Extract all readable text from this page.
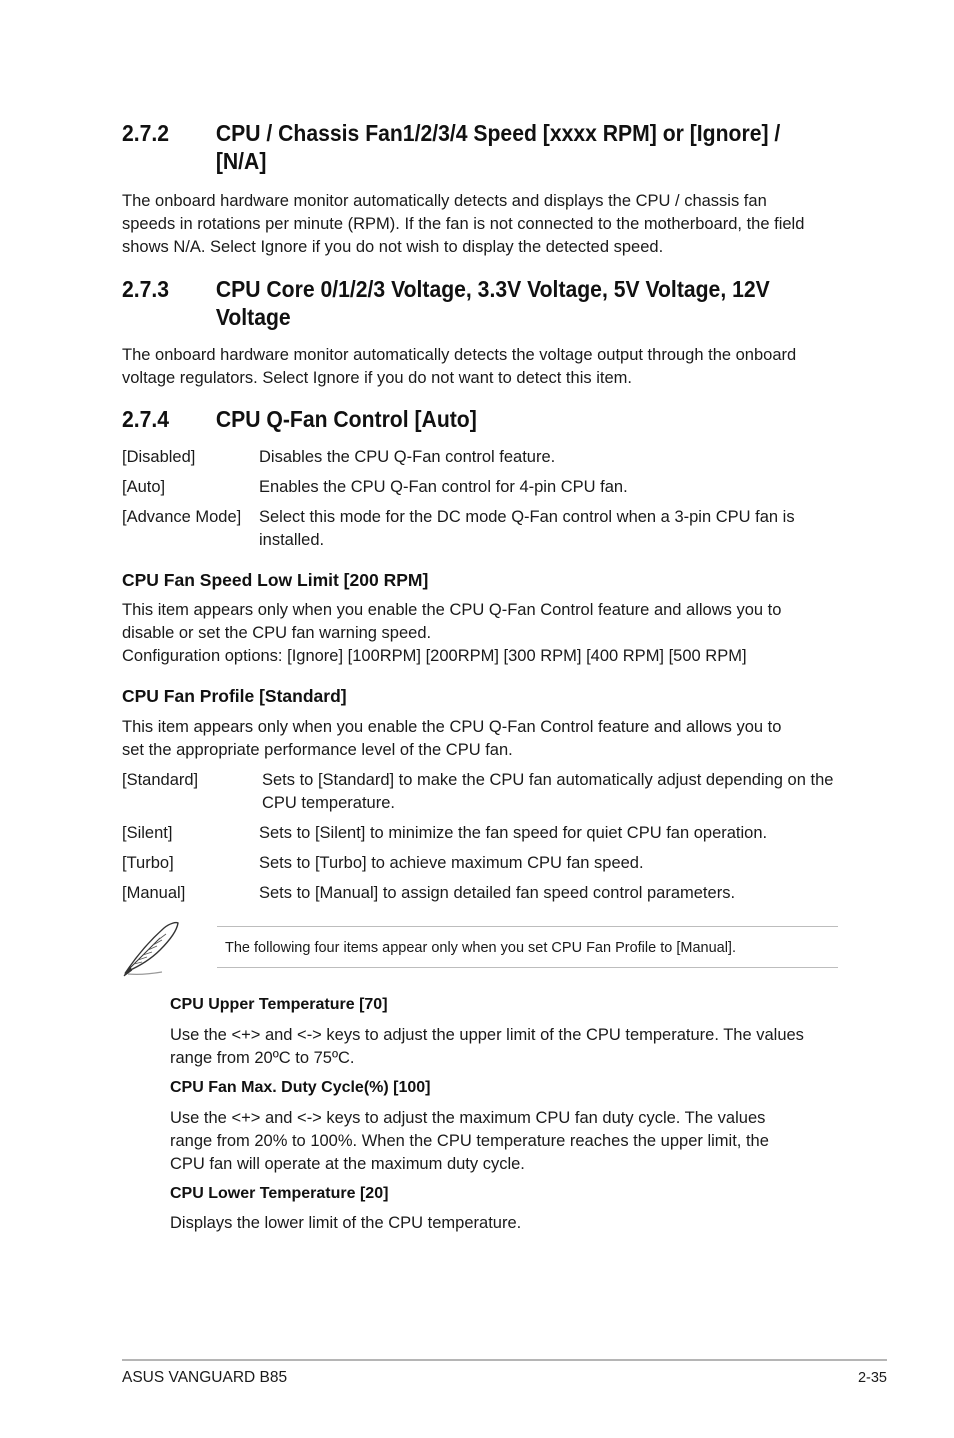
2.7.2 CPU / Chassis Fan1/2/3/4 Speed [xxxx RPM] or [Ignore] / [N/A]
The onboard hardware monitor automatically detects and displays the CPU / chassis fan
speeds in rotations per minute (RPM). If the fan is not connected to the motherboard, the field
shows N/A. Select Ignore if you do not wish to display the detected speed.
2.7.3 CPU Core 0/1/2/3 Voltage, 3.3V Voltage, 5V Voltage, 12V Voltage
The onboard hardware monitor automatically detects the voltage output through the onboard
voltage regulators. Select Ignore if you do not want to detect this item.
2.7.4 CPU Q-Fan Control [Auto]
[Disabled]	Disables the CPU Q-Fan control feature.
[Auto]	Enables the CPU Q-Fan control for 4-pin CPU fan.
[Advance Mode] Select this mode for the DC mode Q-Fan control when a 3-pin CPU fan is installed.
CPU Fan Speed Low Limit [200 RPM]
This item appears only when you enable the CPU Q-Fan Control feature and allows you to
disable or set the CPU fan warning speed.
Configuration options: [Ignore] [100RPM] [200RPM] [300 RPM] [400 RPM] [500 RPM]
CPU Fan Profile [Standard]
This item appears only when you enable the CPU Q-Fan Control feature and allows you to
set the appropriate performance level of the CPU fan.
[Standard]	Sets to [Standard] to make the CPU fan automatically adjust depending on the CPU temperature.
[Silent]	Sets to [Silent] to minimize the fan speed for quiet CPU fan operation.
[Turbo]	Sets to [Turbo] to achieve maximum CPU fan speed.
[Manual]	Sets to [Manual] to assign detailed fan speed control parameters.
The following four items appear only when you set CPU Fan Profile to [Manual].
CPU Upper Temperature [70]
Use the <+> and <-> keys to adjust the upper limit of the CPU temperature. The values
range from 20ºC to 75ºC.
CPU Fan Max. Duty Cycle(%) [100]
Use the <+> and <-> keys to adjust the maximum CPU fan duty cycle. The values
range from 20% to 100%. When the CPU temperature reaches the upper limit, the
CPU fan will operate at the maximum duty cycle.
CPU Lower Temperature [20]
Displays the lower limit of the CPU temperature.
ASUS VANGUARD B85	2-35
